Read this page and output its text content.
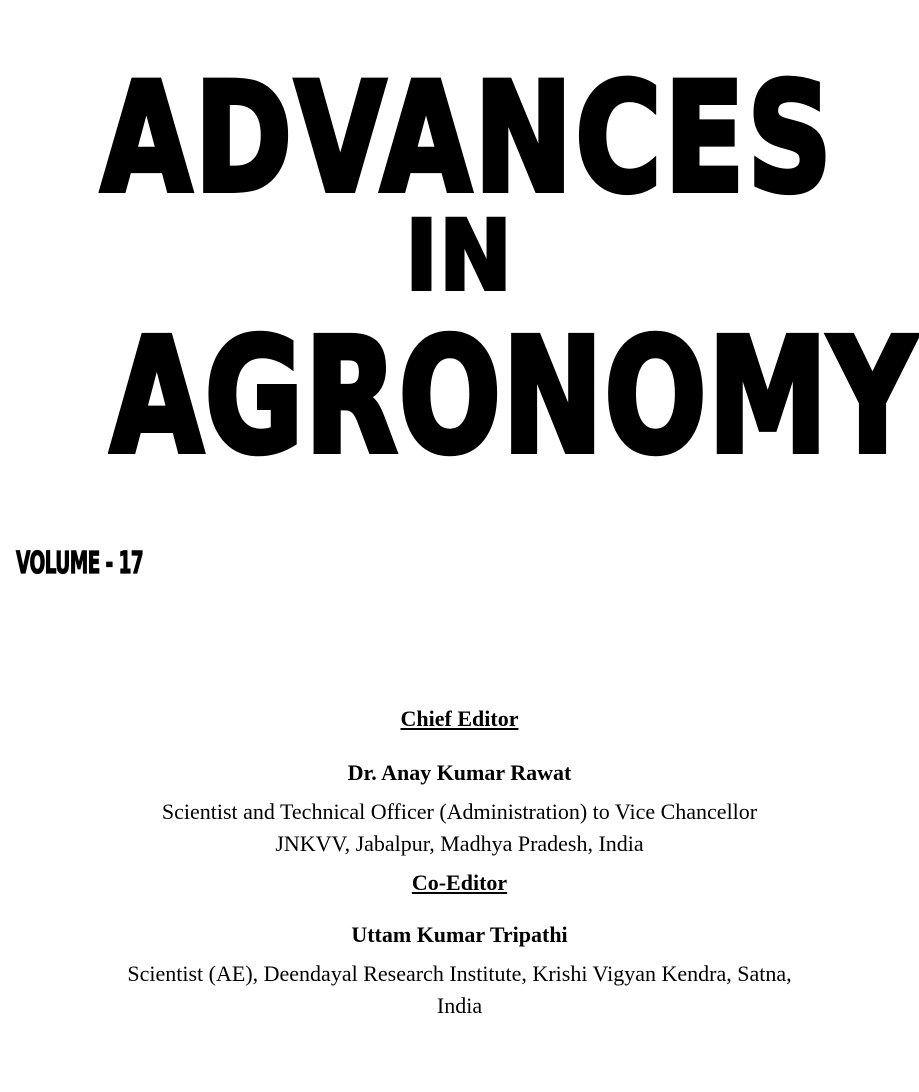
ADVANCES
IN
AGRONOMY
VOLUME - 17
Chief Editor
Dr. Anay Kumar Rawat
Scientist and Technical Officer (Administration) to Vice Chancellor
JNKVV, Jabalpur, Madhya Pradesh, India
Co-Editor
Uttam Kumar Tripathi
Scientist (AE), Deendayal Research Institute, Krishi Vigyan Kendra, Satna,
India
